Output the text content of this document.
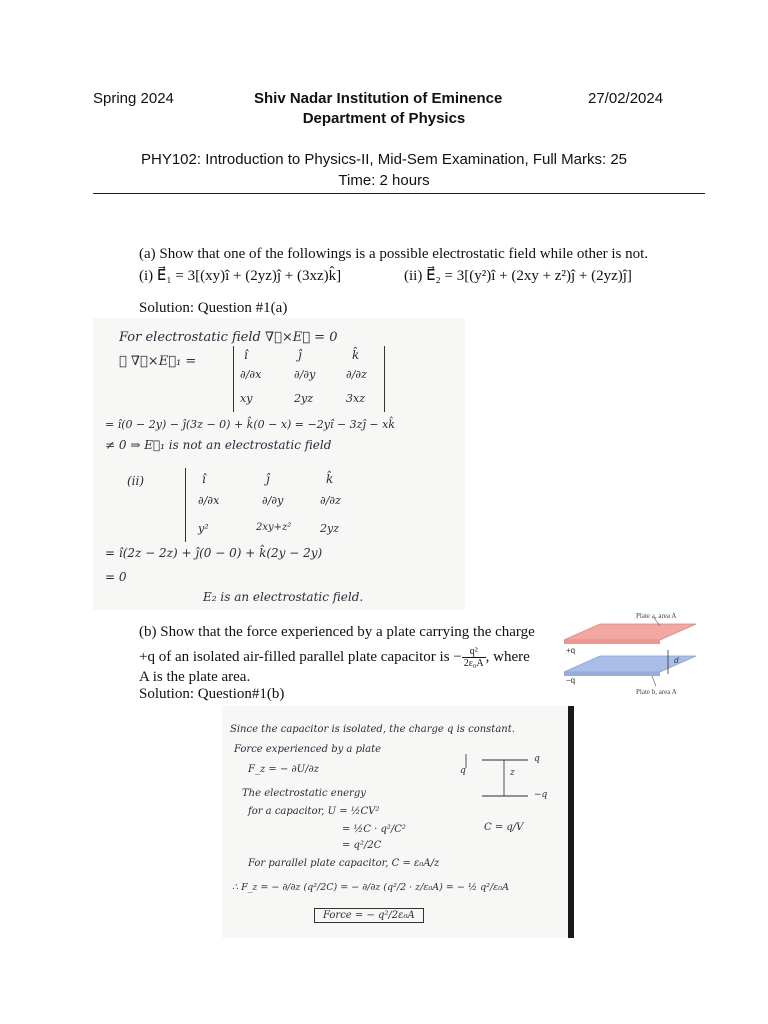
Spring 2024	Shiv Nadar Institution of Eminence	27/02/2024
Department of Physics
PHY102: Introduction to Physics-II, Mid-Sem Examination, Full Marks: 25
Time: 2 hours
(a) Show that one of the followings is a possible electrostatic field while other is not.
(i) E⃗₁ = 3[(xy)î + (2yz)ĵ + (3xz)k̂]	(ii) E⃗₂ = 3[(y²)î + (2xy + z²)ĵ + (2yz)ĵ]
Solution: Question #1(a)
For electrostatic field ∇⃗×E⃗ = 0
① ∇⃗×E⃗₁ =	î	ĵ	k̂
∂/∂x	∂/∂y	∂/∂z
xy	2yz	3xz
= î(0 − 2y) − ĵ(3z − 0) + k̂(0 − x) = −2yî − 3zĵ − xk̂
≠ 0 ⇒ E⃗₁ is not an electrostatic field
(ii)	î	ĵ	k̂
∂/∂x	∂/∂y	∂/∂z
y²	2xy+z²	2yz
= î(2z − 2z) + ĵ(0 − 0) + k̂(2y − 2y)
= 0
E₂ is an electrostatic field.
(b) Show that the force experienced by a plate carrying the charge
+q of an isolated air-filled parallel plate capacitor is − $\frac{\text{q²}}{\text{2ε₀A}}$ , where
A is the plate area.
Solution: Question#1(b)
Plate a, area A
Plate b, area A
+q
−q
d
Since the capacitor is isolated, the charge q is constant.
Force experienced by a plate
F_z = − ∂U/∂z
The electrostatic energy
for a capacitor, U = ½CV²
= ½C · q²/C²
= q²/2C
C = q/V
For parallel plate capacitor, C = ε₀A/z
∴ F_z = − ∂/∂z (q²/2C) = − ∂/∂z (q²/2 · z/ε₀A) = − ½ q²/ε₀A
Force = − q²/2ε₀A
q	z
q
−q
